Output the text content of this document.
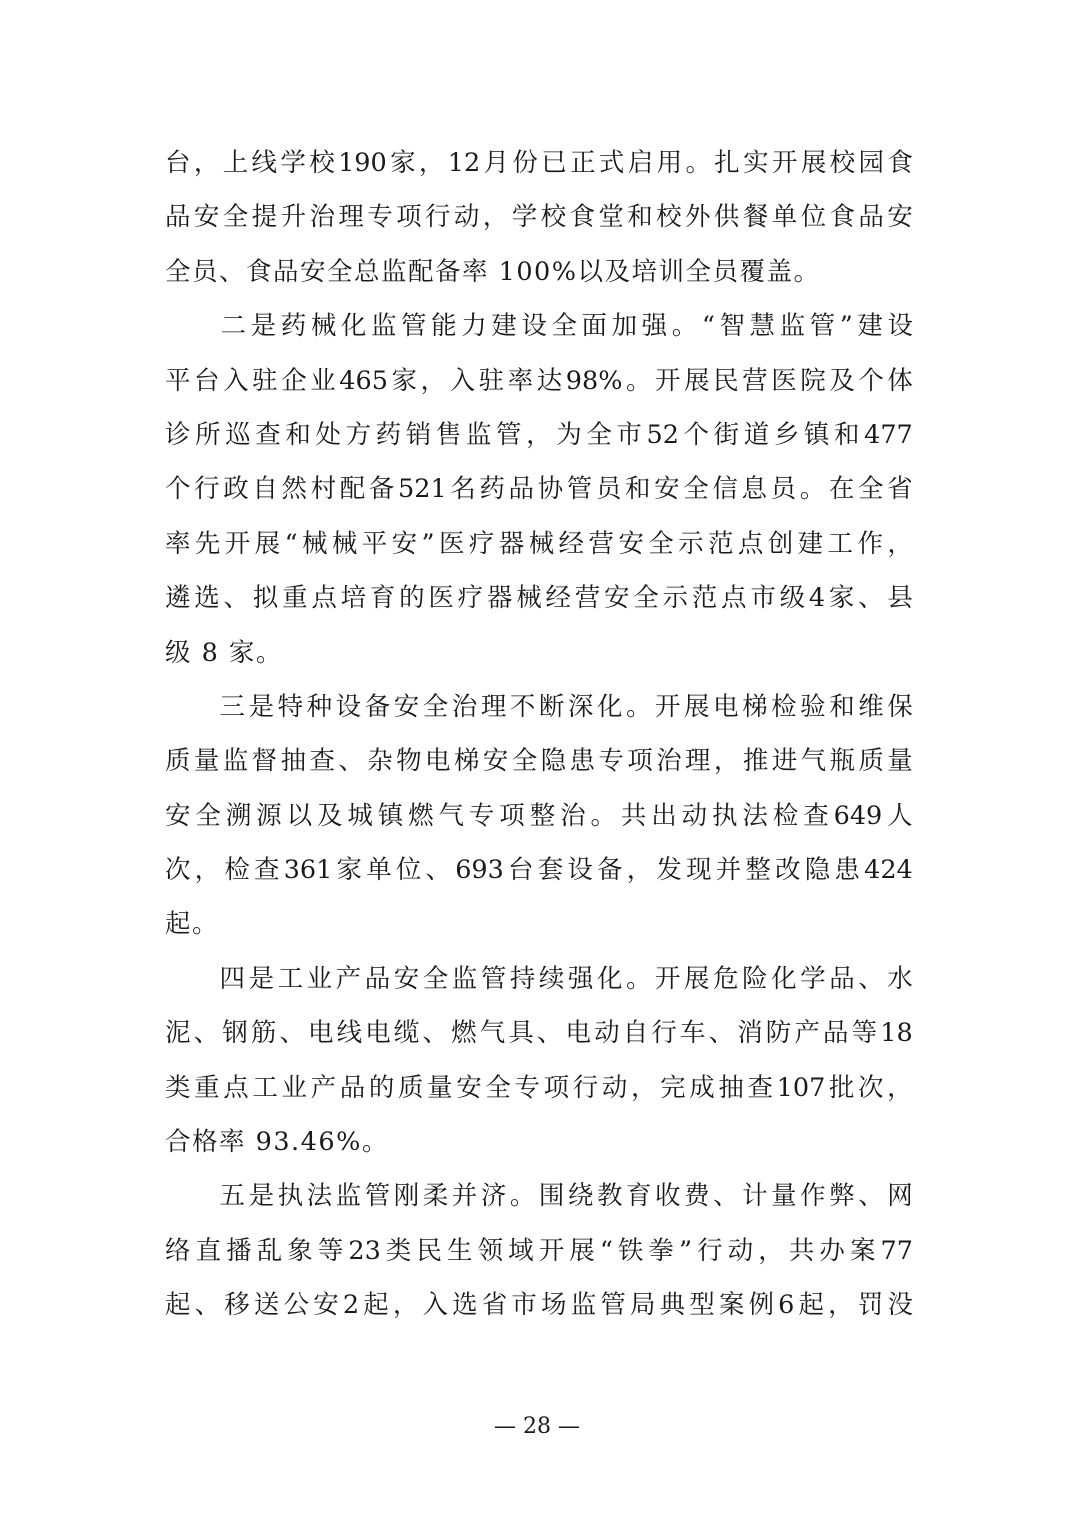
台 ， 上 线 学 校 190 家 ， 12 月 份 已 正 式 启 用 。 扎 实 开 展 校 园 食
品 安 全 提 升 治 理 专 项 行 动 ， 学 校 食 堂 和 校 外 供 餐 单 位 食 品 安
全员、食品安全总监配备率 100%以及培训全员覆盖。

二 是 药 械 化 监 管 能 力 建 设 全 面 加 强 。 “ 智 慧 监 管 ” 建 设
平 台 入 驻 企 业 465 家 ， 入 驻 率 达 98% 。 开 展 民 营 医 院 及 个 体
诊 所 巡 查 和 处 方 药 销 售 监 管 ， 为 全 市 52 个 街 道 乡 镇 和 477
个 行 政 自 然 村 配 备 521 名 药 品 协 管 员 和 安 全 信 息 员 。 在 全 省
率 先 开 展 “ 械 械 平 安 ” 医 疗 器 械 经 营 安 全 示 范 点 创 建 工 作 ，
遴 选 、 拟 重 点 培 育 的 医 疗 器 械 经 营 安 全 示 范 点 市 级 4 家 、 县
级 8 家。

三 是 特 种 设 备 安 全 治 理 不 断 深 化 。 开 展 电 梯 检 验 和 维 保
质 量 监 督 抽 查 、 杂 物 电 梯 安 全 隐 患 专 项 治 理 ， 推 进 气 瓶 质 量
安 全 溯 源 以 及 城 镇 燃 气 专 项 整 治 。 共 出 动 执 法 检 查 649 人
次 ， 检 查 361 家 单 位 、 693 台 套 设 备 ， 发 现 并 整 改 隐 患 424
起。

四 是 工 业 产 品 安 全 监 管 持 续 强 化 。 开 展 危 险 化 学 品 、 水
泥 、 钢 筋 、 电 线 电 缆 、 燃 气 具 、 电 动 自 行 车 、 消 防 产 品 等 18
类 重 点 工 业 产 品 的 质 量 安 全 专 项 行 动 ， 完 成 抽 查 107 批 次 ，
合格率 93.46%。

五 是 执 法 监 管 刚 柔 并 济 。 围 绕 教 育 收 费 、 计 量 作 弊 、 网
络 直 播 乱 象 等 23 类 民 生 领 域 开 展 “ 铁 拳 ” 行 动 ， 共 办 案 77
起 、 移 送 公 安 2 起 ， 入 选 省 市 场 监 管 局 典 型 案 例 6 起 ， 罚 没
— 28 —
